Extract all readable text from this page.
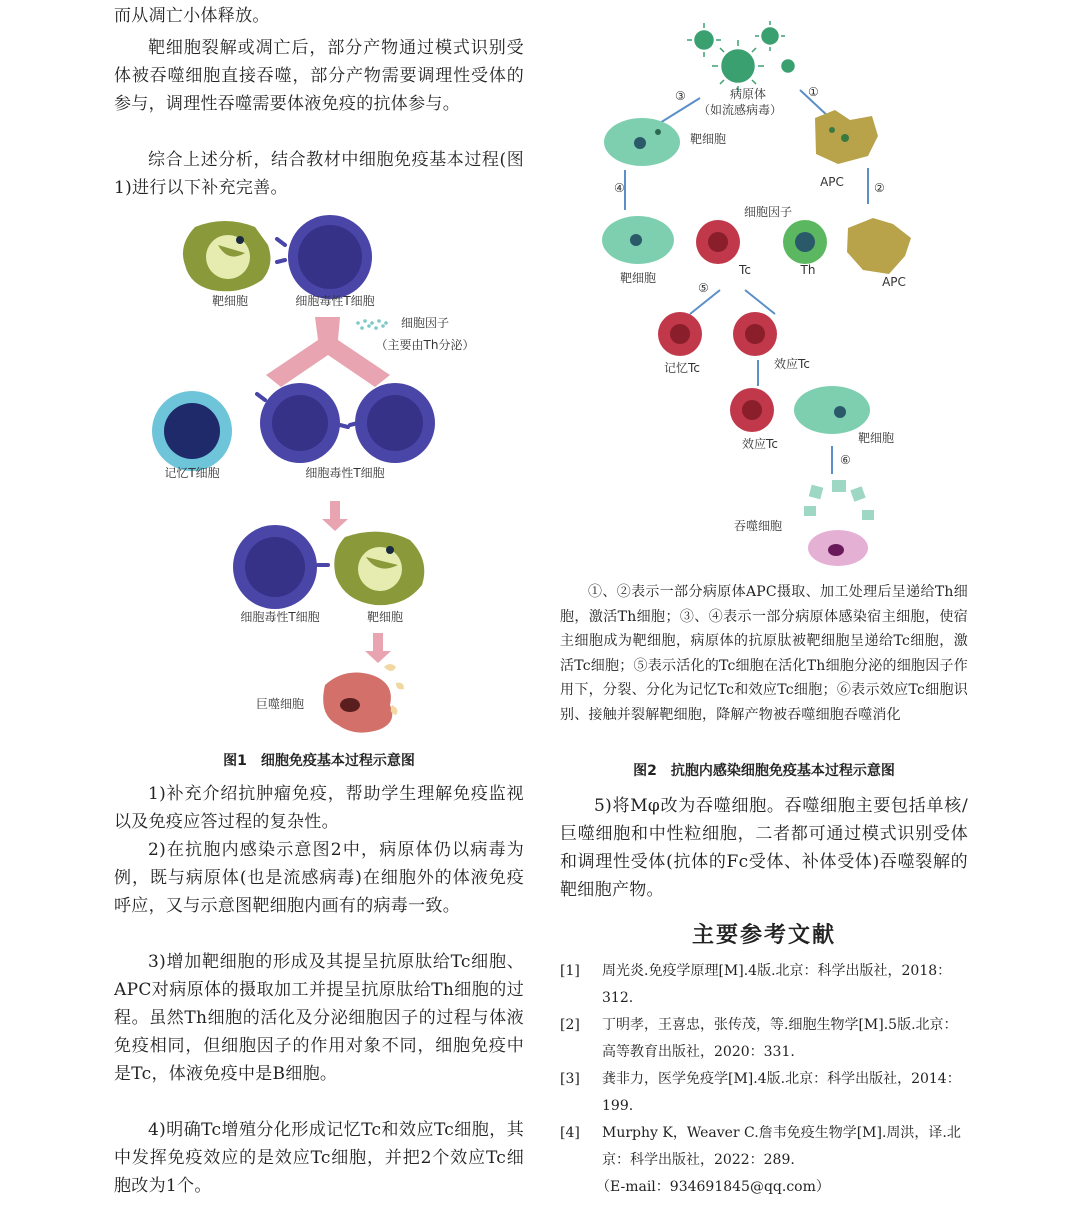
而从凋亡小体释放。

靶细胞裂解或凋亡后，部分产物通过模式识别受体被吞噬细胞直接吞噬，部分产物需要调理性受体的参与，调理性吞噬需要体液免疫的抗体参与。

综合上述分析，结合教材中细胞免疫基本过程(图1)进行以下补充完善。

1)补充介绍抗肿瘤免疫，帮助学生理解免疫监视以及免疫应答过程的复杂性。

2)在抗胞内感染示意图2中，病原体仍以病毒为例，既与病原体(也是流感病毒)在细胞外的体液免疫呼应，又与示意图靶细胞内画有的病毒一致。

3)增加靶细胞的形成及其提呈抗原肽给Tc细胞、APC对病原体的摄取加工并提呈抗原肽给Th细胞的过程。虽然Th细胞的活化及分泌细胞因子的过程与体液免疫相同，但细胞因子的作用对象不同，细胞免疫中是Tc，体液免疫中是B细胞。

4)明确Tc增殖分化形成记忆Tc和效应Tc细胞，其中发挥免疫效应的是效应Tc细胞，并把2个效应Tc细胞改为1个。

靶细胞	细胞毒性T细胞
细胞因子
（主要由Th分泌）
记忆T细胞	细胞毒性T细胞
细胞毒性T细胞	靶细胞
巨噬细胞
图1　细胞免疫基本过程示意图
病原体
（如流感病毒）
③	①
靶细胞
APC
④	②
细胞因子
靶细胞
Tc	Th
APC
⑤
记忆Tc	效应Tc
效应Tc	靶细胞
⑥
吞噬细胞

①、②表示一部分病原体APC摄取、加工处理后呈递给Th细胞，激活Th细胞；③、④表示一部分病原体感染宿主细胞，使宿主细胞成为靶细胞，病原体的抗原肽被靶细胞呈递给Tc细胞，激活Tc细胞；⑤表示活化的Tc细胞在活化Th细胞分泌的细胞因子作用下，分裂、分化为记忆Tc和效应Tc细胞；⑥表示效应Tc细胞识别、接触并裂解靶细胞，降解产物被吞噬细胞吞噬消化

图2　抗胞内感染细胞免疫基本过程示意图

5)将Mφ改为吞噬细胞。吞噬细胞主要包括单核/巨噬细胞和中性粒细胞，二者都可通过模式识别受体和调理性受体(抗体的Fc受体、补体受体)吞噬裂解的靶细胞产物。

主要参考文献

[1]	周光炎.免疫学原理[M].4版.北京：科学出版社，2018：312.
[2]	丁明孝，王喜忠，张传茂，等.细胞生物学[M].5版.北京：高等教育出版社，2020：331.
[3]	龚非力，医学免疫学[M].4版.北京：科学出版社，2014：199.
[4]	Murphy K，Weaver C.詹韦免疫生物学[M].周洪，译.北京：科学出版社，2022：289.
（E-mail：934691845@qq.com）
